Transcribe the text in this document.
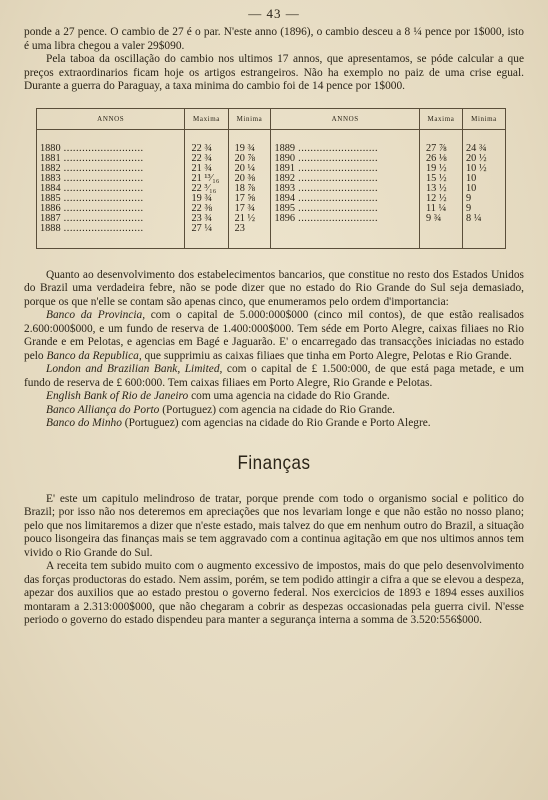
— 43 —

ponde a 27 pence. O cambio de 27 é o par. N'este anno (1896), o cambio desceu a 8 ¼ pence por 1$000, isto é uma libra chegou a valer 29$090.

Pela taboa da oscillação do cambio nos ultimos 17 annos, que apresentamos, se póde calcular a que preços extraordinarios ficam hoje os artigos estrangeiros. Não ha exemplo no paiz de uma crise egual. Durante a guerra do Paraguay, a taxa minima do cambio foi de 14 pence por 1$000.

ANNOS	Maxima	Minima	ANNOS	Maxima	Minima

1880 .....	22 ¾	19 ¾	1889 .....	27 ⅞	24 ¾
1881 .....	22 ¾	20 ⅞	1890 .....	26 ⅛	20 ½
1882 .....	21 ¾	20 ¼	1891 .....	19 ½	10 ½
1883 .....	21 ¹³⁄₁₆	20 ⅜	1892 .....	15 ½	10
1884 .....	22 ³⁄₁₆	18 ⅞	1893 .....	13 ½	10
1885 .....	19 ¾	17 ⅝	1894 .....	12 ½	9
1886 .....	22 ⅜	17 ¾	1895 .....	11 ¼	9
1887 .....	23 ¾	21 ½	1896 .....	9 ¾	8 ¼
1888 .....	27 ¼	23			

Quanto ao desenvolvimento dos estabelecimentos bancarios, que constitue no resto dos Estados Unidos do Brazil uma verdadeira febre, não se pode dizer que no estado do Rio Grande do Sul seja demasiado, porque os que n'elle se contam são apenas cinco, que enumeramos pelo ordem d'importancia:

Banco da Provincia, com o capital de 5.000:000$000 (cinco mil contos), de que estão realisados 2.600:000$000, e um fundo de reserva de 1.400:000$000. Tem séde em Porto Alegre, caixas filiaes no Rio Grande e em Pelotas, e agencias em Bagé e Jaguarão. E' o encarregado das transacções iniciadas no estado pelo Banco da Republica, que supprimiu as caixas filiaes que tinha em Porto Alegre, Pelotas e Rio Grande.

London and Brazilian Bank, Limited, com o capital de £ 1.500:000, de que está paga metade, e um fundo de reserva de £ 600:000. Tem caixas filiaes em Porto Alegre, Rio Grande e Pelotas.

English Bank of Rio de Janeiro com uma agencia na cidade do Rio Grande.

Banco Alliança do Porto (Portuguez) com agencia na cidade do Rio Grande.

Banco do Minho (Portuguez) com agencias na cidade do Rio Grande e Porto Alegre.

Finanças

E' este um capitulo melindroso de tratar, porque prende com todo o organismo social e politico do Brazil; por isso não nos deteremos em apreciações que nos levariam longe e que não estão no nosso plano; pelo que nos limitaremos a dizer que n'este estado, mais talvez do que em nenhum outro do Brazil, a situação pouco lisongeira das finanças mais se tem aggravado com a continua agitação em que nos ultimos annos tem vivido o Rio Grande do Sul.

A receita tem subido muito com o augmento excessivo de impostos, mais do que pelo desenvolvimento das forças productoras do estado. Nem assim, porém, se tem podido attingir a cifra a que se elevou a despeza, apezar dos auxilios que ao estado prestou o governo federal. Nos exercicios de 1893 e 1894 esses auxilios montaram a 2.313:000$000, que não chegaram a cobrir as despezas occasionadas pela guerra civil. N'esse periodo o governo do estado dispendeu para manter a segurança interna a somma de 3.520:556$000.
